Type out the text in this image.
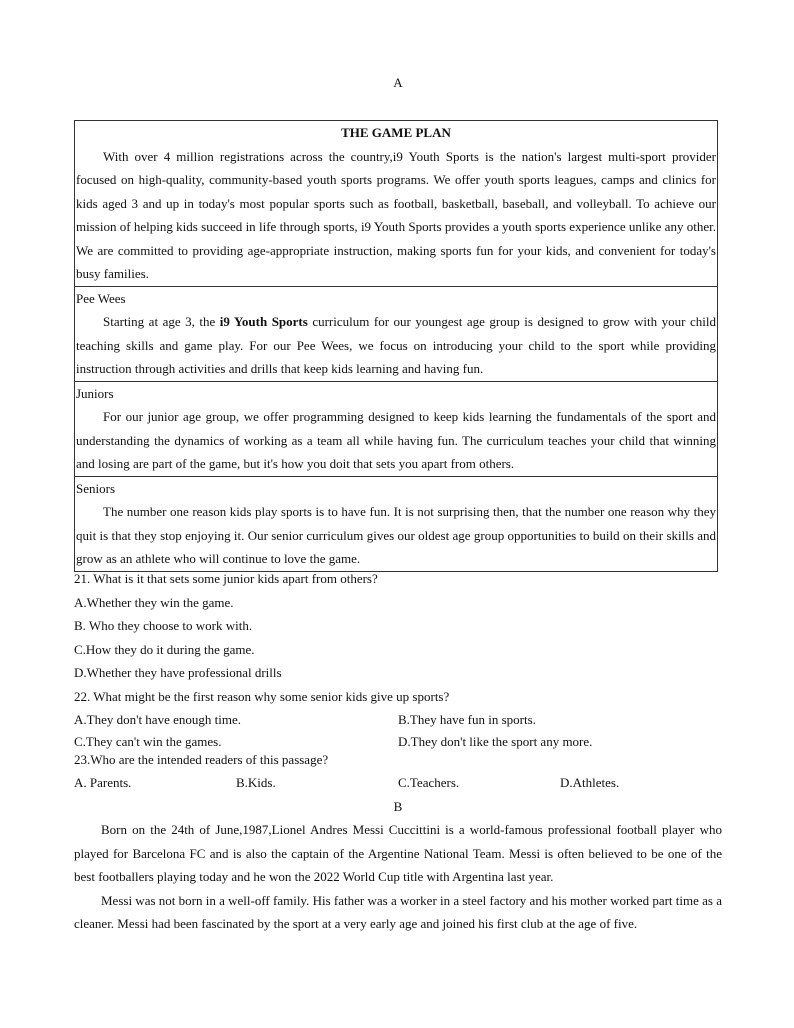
A
THE GAME PLAN

With over 4 million registrations across the country,i9 Youth Sports is the nation's largest multi-sport provider focused on high-quality, community-based youth sports programs. We offer youth sports leagues, camps and clinics for kids aged 3 and up in today's most popular sports such as football, basketball, baseball, and volleyball. To achieve our mission of helping kids succeed in life through sports, i9 Youth Sports provides a youth sports experience unlike any other. We are committed to providing age-appropriate instruction, making sports fun for your kids, and convenient for today's busy families.

Pee Wees

Starting at age 3, the i9 Youth Sports curriculum for our youngest age group is designed to grow with your child teaching skills and game play. For our Pee Wees, we focus on introducing your child to the sport while providing instruction through activities and drills that keep kids learning and having fun.

Juniors

For our junior age group, we offer programming designed to keep kids learning the fundamentals of the sport and understanding the dynamics of working as a team all while having fun. The curriculum teaches your child that winning and losing are part of the game, but it's how you doit that sets you apart from others.

Seniors

The number one reason kids play sports is to have fun. It is not surprising then, that the number one reason why they quit is that they stop enjoying it. Our senior curriculum gives our oldest age group opportunities to build on their skills and grow as an athlete who will continue to love the game.

21. What is it that sets some junior kids apart from others?

A.Whether they win the game.

B. Who they choose to work with.

C.How they do it during the game.

D.Whether they have professional drills

22. What might be the first reason why some senior kids give up sports?

A.They don't have enough time.	B.They have fun in sports.
C.They can't win the games.	D.They don't like the sport any more.

23.Who are the intended readers of this passage?

A. Parents.	B.Kids.	C.Teachers.	D.Athletes.
B

Born on the 24th of June,1987,Lionel Andres Messi Cuccittini is a world-famous professional football player who played for Barcelona FC and is also the captain of the Argentine National Team. Messi is often believed to be one of the best footballers playing today and he won the 2022 World Cup title with Argentina last year.

Messi was not born in a well-off family. His father was a worker in a steel factory and his mother worked part time as a cleaner. Messi had been fascinated by the sport at a very early age and joined his first club at the age of five.
